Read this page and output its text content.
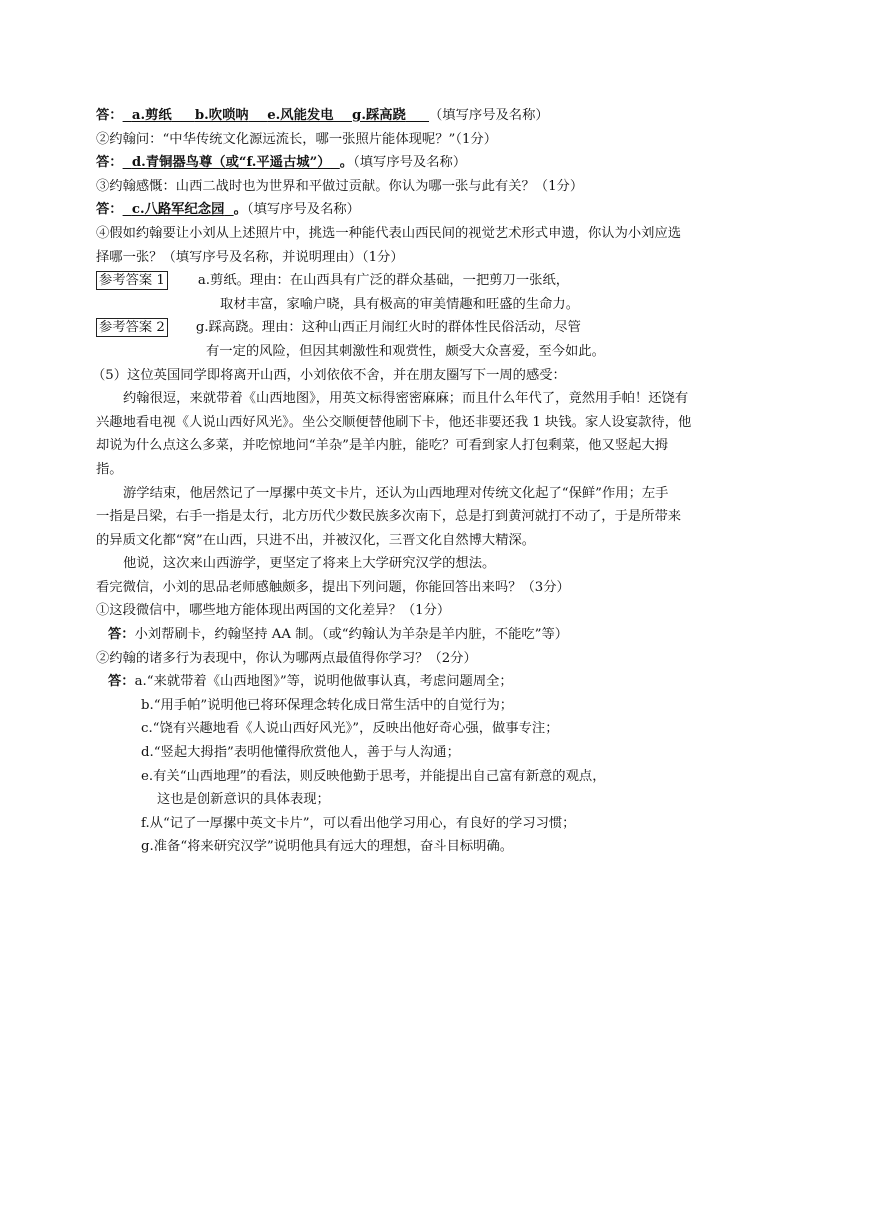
答： a.剪纸 b.吹唢呐 e.风能发电 g.踩高跷 （填写序号及名称）
②约翰问：“中华传统文化源远流长，哪一张照片能体现呢？”（1分）
答： d.青铜器鸟尊（或“f.平遥古城”） 。（填写序号及名称）
③约翰感慨：山西二战时也为世界和平做过贡献。你认为哪一张与此有关？（1分）
答： c.八路军纪念园 。（填写序号及名称）
④假如约翰要让小刘从上述照片中，挑选一种能代表山西民间的视觉艺术形式申遗，你认为小刘应选
择哪一张？（填写序号及名称，并说明理由）（1分）
参考答案 1 a.剪纸。理由：在山西具有广泛的群众基础，一把剪刀一张纸，
取材丰富，家喻户晓，具有极高的审美情趣和旺盛的生命力。
参考答案 2 g.踩高跷。理由：这种山西正月闹红火时的群体性民俗活动，尽管
有一定的风险，但因其刺激性和观赏性，颇受大众喜爱，至今如此。
（5）这位英国同学即将离开山西，小刘依依不舍，并在朋友圈写下一周的感受：
约翰很逗，来就带着《山西地图》，用英文标得密密麻麻；而且什么年代了，竟然用手帕！还饶有
兴趣地看电视《人说山西好风光》。坐公交顺便替他刷下卡，他还非要还我 1 块钱。家人设宴款待，他
却说为什么点这么多菜，并吃惊地问“羊杂”是羊内脏，能吃？可看到家人打包剩菜，他又竖起大拇
指。
游学结束，他居然记了一厚摞中英文卡片，还认为山西地理对传统文化起了“保鲜”作用；左手
一指是吕梁，右手一指是太行，北方历代少数民族多次南下，总是打到黄河就打不动了，于是所带来
的异质文化都“窝”在山西，只进不出，并被汉化，三晋文化自然博大精深。
他说，这次来山西游学，更坚定了将来上大学研究汉学的想法。
看完微信，小刘的思品老师感触颇多，提出下列问题，你能回答出来吗？（3分）
①这段微信中，哪些地方能体现出两国的文化差异？（1分）
答：小刘帮刷卡，约翰坚持 AA 制。（或“约翰认为羊杂是羊内脏，不能吃”等）
②约翰的诸多行为表现中，你认为哪两点最值得你学习？（2分）
答：a.“来就带着《山西地图》”等，说明他做事认真，考虑问题周全；
b.“用手帕”说明他已将环保理念转化成日常生活中的自觉行为；
c.“饶有兴趣地看《人说山西好风光》”，反映出他好奇心强，做事专注；
d.“竖起大拇指”表明他懂得欣赏他人，善于与人沟通；
e.有关“山西地理”的看法，则反映他勤于思考，并能提出自己富有新意的观点，
这也是创新意识的具体表现；
f.从“记了一厚摞中英文卡片”，可以看出他学习用心，有良好的学习习惯；
g.准备“将来研究汉学”说明他具有远大的理想，奋斗目标明确。
